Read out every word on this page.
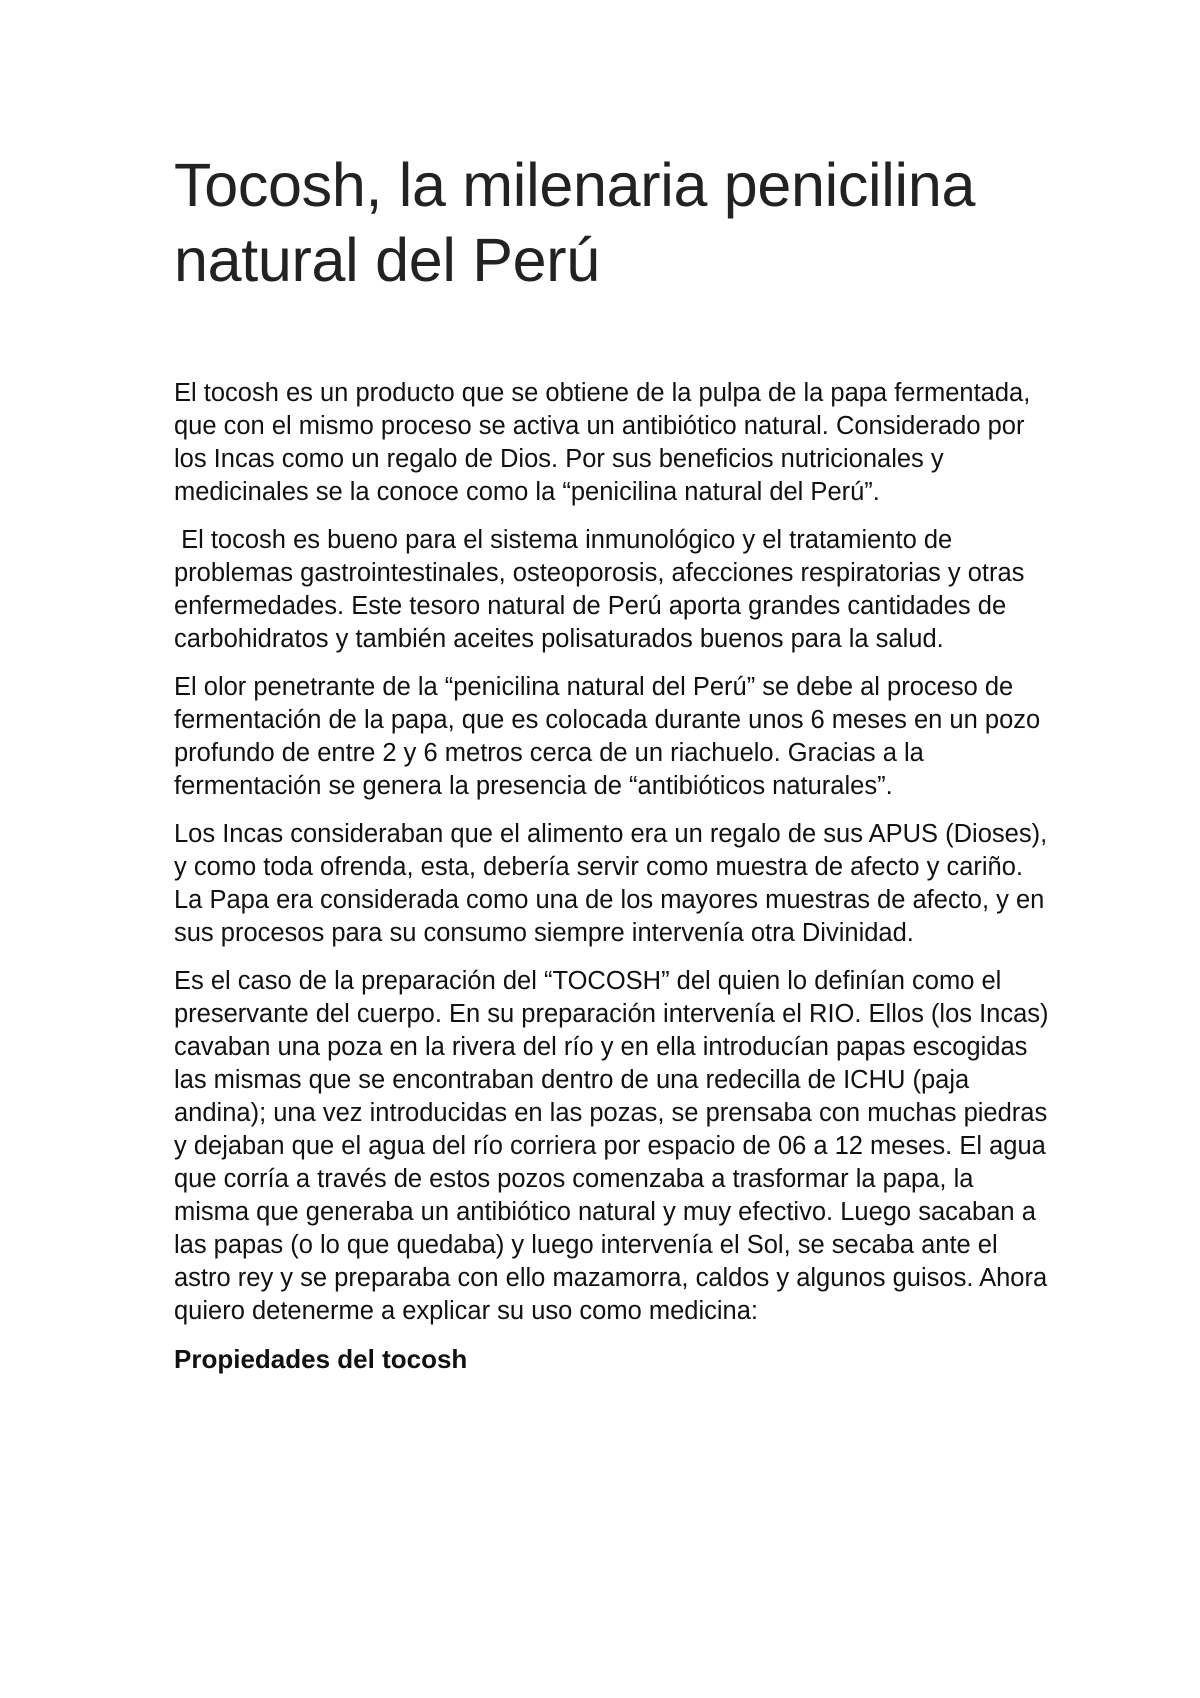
Tocosh, la milenaria penicilina natural del Perú

El tocosh es un producto que se obtiene de la pulpa de la papa fermentada, que con el mismo proceso se activa un antibiótico natural. Considerado por los Incas como un regalo de Dios. Por sus beneficios nutricionales y medicinales se la conoce como la “penicilina natural del Perú”.

El tocosh es bueno para el sistema inmunológico y el tratamiento de problemas gastrointestinales, osteoporosis, afecciones respiratorias y otras enfermedades. Este tesoro natural de Perú aporta grandes cantidades de carbohidratos y también aceites polisaturados buenos para la salud.

El olor penetrante de la “penicilina natural del Perú” se debe al proceso de fermentación de la papa, que es colocada durante unos 6 meses en un pozo profundo de entre 2 y 6 metros cerca de un riachuelo. Gracias a la fermentación se genera la presencia de “antibióticos naturales”.

Los Incas consideraban que el alimento era un regalo de sus APUS (Dioses), y como toda ofrenda, esta, debería servir como muestra de afecto y cariño. La Papa era considerada como una de los mayores muestras de afecto, y en sus procesos para su consumo siempre intervenía otra Divinidad.

Es el caso de la preparación del “TOCOSH” del quien lo definían como el preservante del cuerpo. En su preparación intervenía el RIO. Ellos (los Incas) cavaban una poza en la rivera del río y en ella introducían papas escogidas las mismas que se encontraban dentro de una redecilla de ICHU (paja andina); una vez introducidas en las pozas, se prensaba con muchas piedras y dejaban que el agua del río corriera por espacio de 06 a 12 meses. El agua que corría a través de estos pozos comenzaba a trasformar la papa, la misma que generaba un antibiótico natural y muy efectivo. Luego sacaban a las papas (o lo que quedaba) y luego intervenía el Sol, se secaba ante el astro rey y se preparaba con ello mazamorra, caldos y algunos guisos. Ahora quiero detenerme a explicar su uso como medicina:

Propiedades del tocosh
